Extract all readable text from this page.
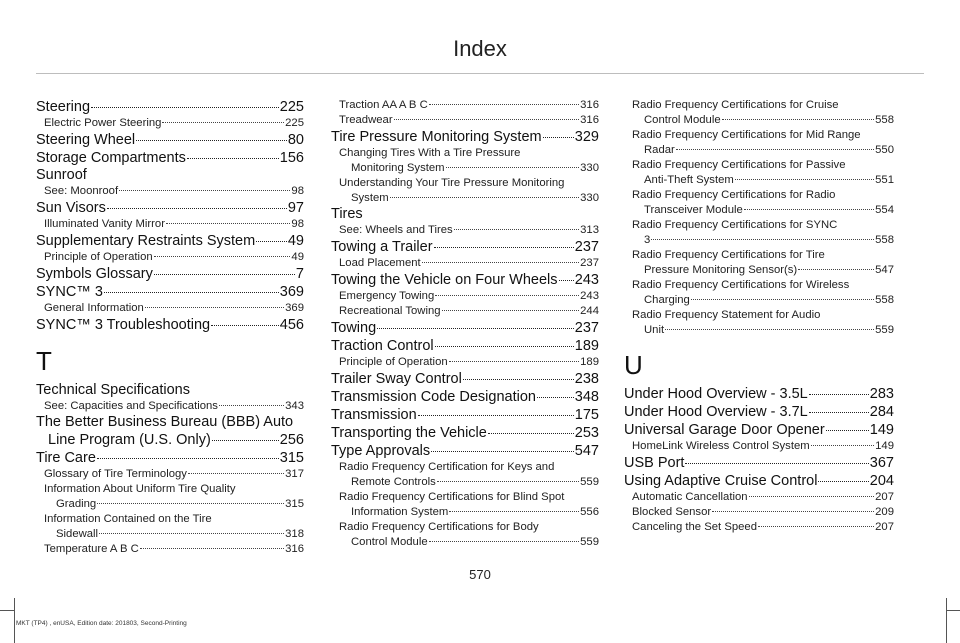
Index
Steering	225
Electric Power Steering	225
Steering Wheel	80
Storage Compartments	156
Sunroof
See: Moonroof	98
Sun Visors	97
Illuminated Vanity Mirror	98
Supplementary Restraints System 49
Principle of Operation	49
Symbols Glossary	7
SYNC™ 3	369
General Information	369
SYNC™ 3 Troubleshooting	456
T
Technical Specifications
See: Capacities and Specifications	343
The Better Business Bureau (BBB) Auto
Line Program (U.S. Only)	256
Tire Care	315
Glossary of Tire Terminology	317
Information About Uniform Tire Quality
Grading	315
Information Contained on the Tire
Sidewall	318
Temperature A B C	316
Traction AA A B C	316
Treadwear	316
Tire Pressure Monitoring System 329
Changing Tires With a Tire Pressure
Monitoring System	330
Understanding Your Tire Pressure Monitoring
System	330
Tires
See: Wheels and Tires	313
Towing a Trailer	237
Load Placement	237
Towing the Vehicle on Four Wheels 243
Emergency Towing	243
Recreational Towing	244
Towing	237
Traction Control	189
Principle of Operation	189
Trailer Sway Control	238
Transmission Code Designation	348
Transmission	175
Transporting the Vehicle	253
Type Approvals	547
Radio Frequency Certification for Keys and
Remote Controls	559
Radio Frequency Certifications for Blind Spot
Information System	556
Radio Frequency Certifications for Body
Control Module	559
Radio Frequency Certifications for Cruise
Control Module	558
Radio Frequency Certifications for Mid Range
Radar	550
Radio Frequency Certifications for Passive
Anti-Theft System	551
Radio Frequency Certifications for Radio
Transceiver Module	554
Radio Frequency Certifications for SYNC
3	558
Radio Frequency Certifications for Tire
Pressure Monitoring Sensor(s)	547
Radio Frequency Certifications for Wireless
Charging	558
Radio Frequency Statement for Audio
Unit	559
U
Under Hood Overview - 3.5L	283
Under Hood Overview - 3.7L	284
Universal Garage Door Opener	149
HomeLink Wireless Control System	149
USB Port	367
Using Adaptive Cruise Control	204
Automatic Cancellation	207
Blocked Sensor	209
Canceling the Set Speed	207
570
MKT (TP4) , enUSA, Edition date: 201803, Second-Printing
